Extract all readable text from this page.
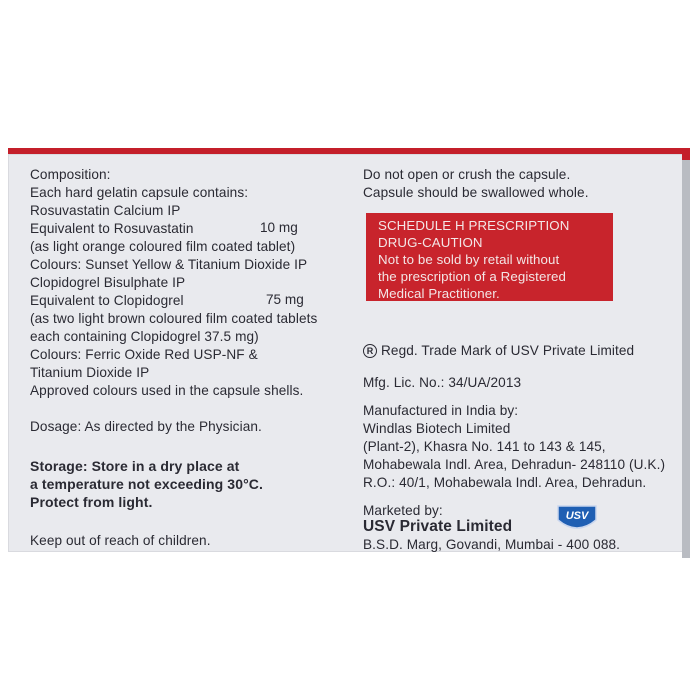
Composition:
Each hard gelatin capsule contains:
Rosuvastatin Calcium IP
Equivalent to Rosuvastatin	10 mg
(as light orange coloured film coated tablet)
Colours: Sunset Yellow & Titanium Dioxide IP
Clopidogrel Bisulphate IP
Equivalent to Clopidogrel	75 mg
(as two light brown coloured film coated tablets
each containing Clopidogrel 37.5 mg)
Colours: Ferric Oxide Red USP-NF &
Titanium Dioxide IP
Approved colours used in the capsule shells.
Dosage: As directed by the Physician.
Storage: Store in a dry place at
a temperature not exceeding 30°C.
Protect from light.
Keep out of reach of children.
Do not open or crush the capsule.
Capsule should be swallowed whole.
SCHEDULE H PRESCRIPTION
DRUG-CAUTION
Not to be sold by retail without
the prescription of a Registered
Medical Practitioner.
R Regd. Trade Mark of USV Private Limited
Mfg. Lic. No.: 34/UA/2013
Manufactured in India by:
Windlas Biotech Limited
(Plant-2), Khasra No. 141 to 143 & 145,
Mohabewala Indl. Area, Dehradun- 248110 (U.K.)
R.O.: 40/1, Mohabewala Indl. Area, Dehradun.
Marketed by:
USV Private Limited
B.S.D. Marg, Govandi, Mumbai - 400 088.
USV
